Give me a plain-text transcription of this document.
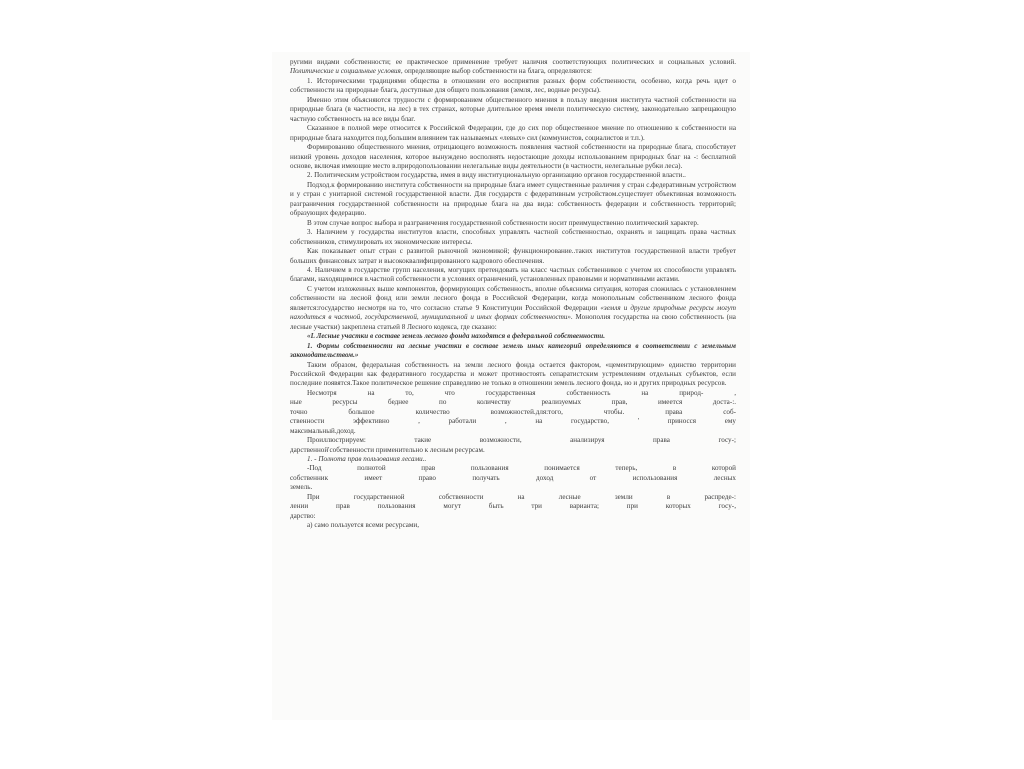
ругими видами собственности; ее практическое применение требует наличия соответствующих политических и социальных условий. Политические и социальные условия, определяющие выбор собственности на блага, определяются:

1. Историческими традициями общества в отношении его восприятия разных форм собственности, особенно, когда речь идет о собственности на природные блага, доступные для общего пользования (земля, лес, водные ресурсы).

Именно этим объясняются трудности с формированием общественного мнения в пользу введения института частной собственности на природные блага (в частности, на лес) в тех странах, которые длительное время имели политическую систему, законодательно запрещающую частную собственность на все виды благ.

Сказанное в полной мере относится к Российской Федерации, где до сих пор общественное мнение по отношению к собственности на природные блага находится под.большим влиянием так называемых «левых» сил (коммунистов, социалистов и т.п.).

Формированию общественного мнения, отрицающего возможность появления частной собственности на природные блага, способствует низкий уровень доходов населения, которое вынуждено восполнять недостающие доходы использованием природных благ на -: бесплатной основе, включая имеющие место в.природопользовании нелегальные виды деятельности (в частности, нелегальные рубки леса).

2. Политическим устройством государства, имея в виду институциональную организацию органов государственной власти..

Подход.к формированию института собственности на природные блага имеет существенные различия у стран с.федеративным устройством и у стран с унитарной системой государственной власти. Для государств с федеративным устройством.существует объективная возможность разграничения государственной собственности на природные блага на два вида: собственность федерации и собственность территорий; образующих федерацию.

В этом случае вопрос выбора и разграничения государственной собственности носит преимущественно политический характер.

3. Наличием у государства институтов власти, способных управлять частной собственностью, охранять и защищать права частных собственников, стимулировать их экономические интересы.

Как показывает опыт стран с развитой рыночной экономикой; функционирование..таких институтов государственной власти требует больших финансовых затрат и высококвалифицированного кадрового обеспечения.

4. Наличием в государстве групп населения, могущих претендовать на класс частных собственников с учетом их способности управлять благами, находящимися в.частной собственности в условиях ограничений, установленных правовыми и нормативными актами.

С учетом изложенных выше компонентов, формирующих собственность, вполне объяснима ситуация, которая сложилась с установлением собственности на лесной фонд или земли лесного фонда в Российской Федерации, когда монопольным собственником лесного фонда является:государство несмотря на то, что согласно статье 9 Конституции Российской Федерации «земля и другие природные ресурсы могут находиться в частной, государственной, муниципальной и иных формах собственности». Монополия государства на свою собственность (на лесные участки) закреплена статьей 8 Лесного кодекса, где сказано:

«L Лесные участки в составе земель лесного фонда находятся в федеральной собственности.

1. Формы собственности на лесные участки в составе земель иных категорий определяются в соответствии с земельным законодательством.»

Таким образом, федеральная собственность на земли лесного фонда остается фактором, «цементирующим» единство территории Российской Федерации как федеративного государства и может противостоять сепаратистским устремлениям отдельных субъектов, если последние появятся.Такое политическое решение справедливо не только в отношении земель лесного фонда, но и других природных ресурсов.

Несмотря на то, что государственная собственность на природ- ,

ные ресурсы беднее по количеству реализуемых прав, имеется доста-:.

точно большое количество возможностей.для:того, чтобы. права соб-

ственности эффективно , работали , на государство, ' приносся ему

максимальный.доход.

Проиллюстрируем: такие возможности, анализируя права госу-;

дарственной'собственности применительно к лесным ресурсам.

1. - Полнота прав пользования лесами..

-Под полнотой прав пользования понимается теперь, в которой

собственник имеет право получать доход от использования лесных

земель.

При государственной собственности на лесные земли в распреде-:

лении прав пользования могут быть три варианта; при которых госу-,

дарство:

а) само пользуется всеми ресурсами,
